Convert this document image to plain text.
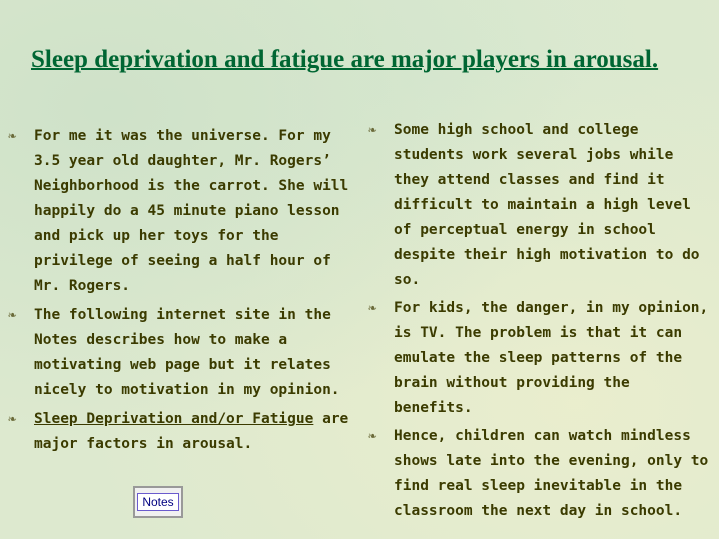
Sleep deprivation and fatigue are major players in arousal.
❧	For me it was the universe. For my 3.5 year old daughter, Mr. Rogers’ Neighborhood is the carrot. She will happily do a 45 minute piano lesson and pick up her toys for the privilege of seeing a half hour of Mr. Rogers.
❧	The following internet site in the Notes describes how to make a motivating web page but it relates nicely to motivation in my opinion.
❧	Sleep Deprivation and/or Fatigue are major factors in arousal.
❧	Some high school and college students work several jobs while they attend classes and find it difficult to maintain a high level of perceptual energy in school despite their high motivation to do so.
❧	For kids, the danger, in my opinion, is TV. The problem is that it can emulate the sleep patterns of the brain without providing the benefits.
❧	Hence, children can watch mindless shows late into the evening, only to find real sleep inevitable in the classroom the next day in school.
Notes
